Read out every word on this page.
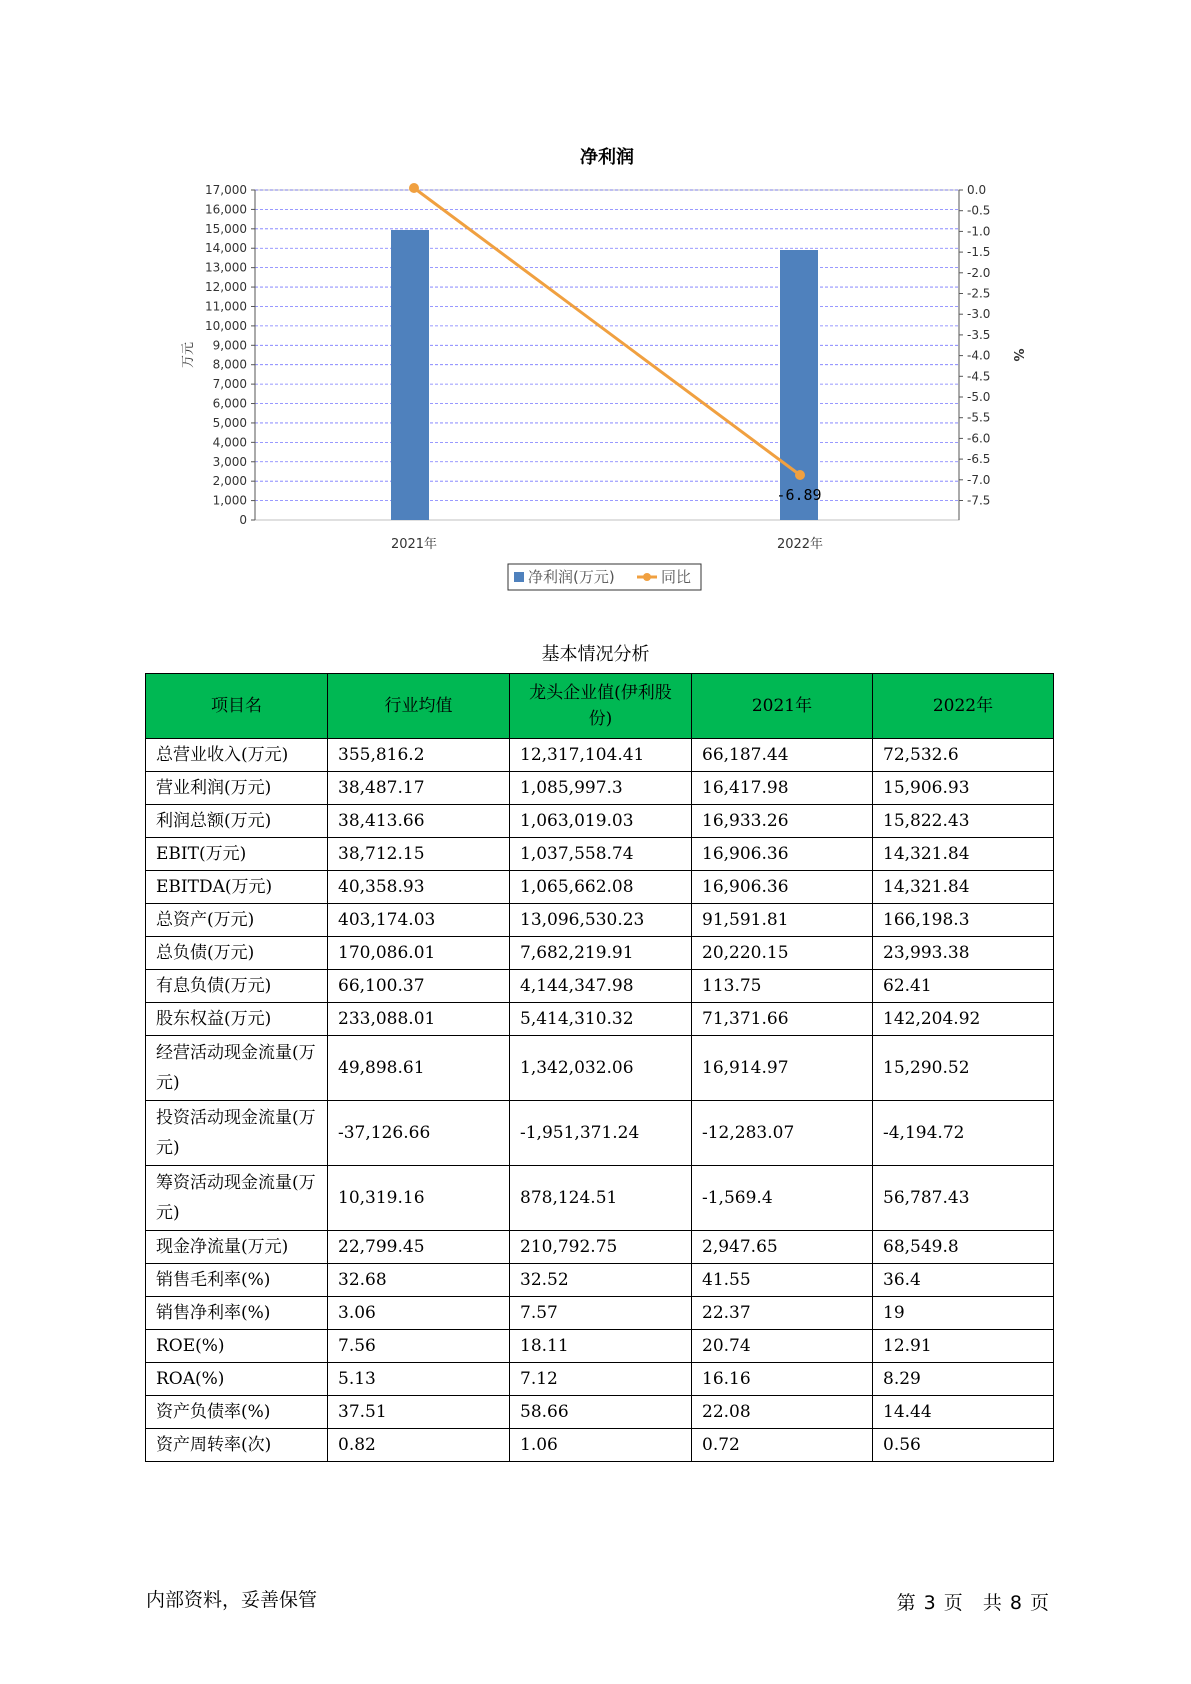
净利润
0
1,000
2,000
3,000
4,000
5,000
6,000
7,000
8,000
9,000
10,000
11,000
12,000
13,000
14,000
15,000
16,000
17,000	0.0
-0.5
-1.0
-1.5
-2.0
-2.5
-3.0
-3.5
-4.0
-4.5
-5.0
-5.5
-6.0
-6.5
-7.0
-7.5
万元	%
-6.89
2021年	2022年
净利润(万元)	同比
基本情况分析
项目名	行业均值	龙头企业值(伊利股份)	2021年	2022年
总营业收入(万元)	355,816.2	12,317,104.41	66,187.44	72,532.6
营业利润(万元)	38,487.17	1,085,997.3	16,417.98	15,906.93
利润总额(万元)	38,413.66	1,063,019.03	16,933.26	15,822.43
EBIT(万元)	38,712.15	1,037,558.74	16,906.36	14,321.84
EBITDA(万元)	40,358.93	1,065,662.08	16,906.36	14,321.84
总资产(万元)	403,174.03	13,096,530.23	91,591.81	166,198.3
总负债(万元)	170,086.01	7,682,219.91	20,220.15	23,993.38
有息负债(万元)	66,100.37	4,144,347.98	113.75	62.41
股东权益(万元)	233,088.01	5,414,310.32	71,371.66	142,204.92
经营活动现金流量(万元)	49,898.61	1,342,032.06	16,914.97	15,290.52
投资活动现金流量(万元)	-37,126.66	-1,951,371.24	-12,283.07	-4,194.72
筹资活动现金流量(万元)	10,319.16	878,124.51	-1,569.4	56,787.43
现金净流量(万元)	22,799.45	210,792.75	2,947.65	68,549.8
销售毛利率(%)	32.68	32.52	41.55	36.4
销售净利率(%)	3.06	7.57	22.37	19
ROE(%)	7.56	18.11	20.74	12.91
ROA(%)	5.13	7.12	16.16	8.29
资产负债率(%)	37.51	58.66	22.08	14.44
资产周转率(次)	0.82	1.06	0.72	0.56
内部资料，妥善保管	第 3 页 共 8 页
